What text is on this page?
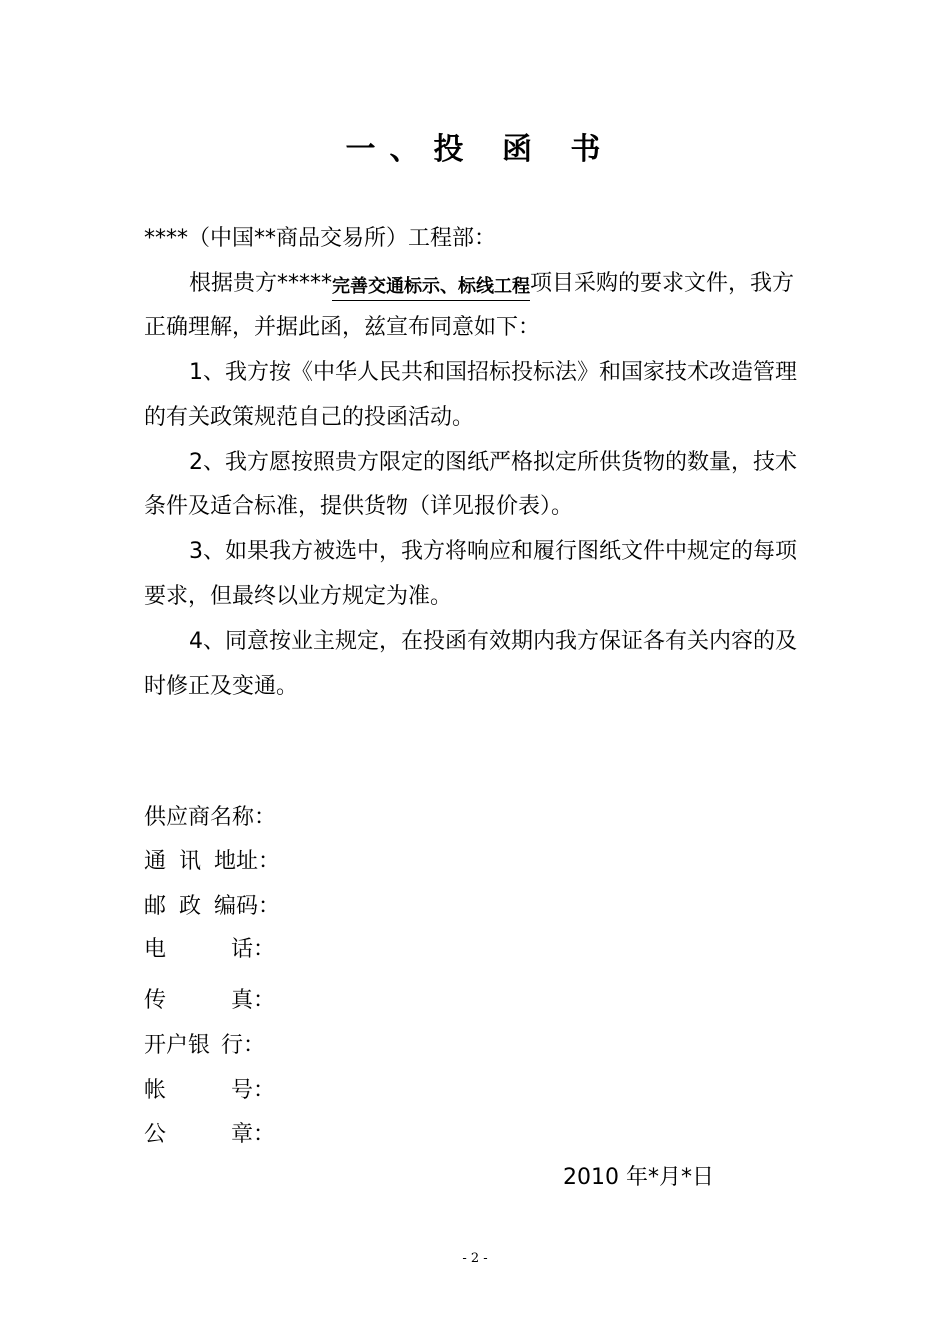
一、投 函 书
****（中国**商品交易所）工程部：
根据贵方*****完善交通标示、标线工程项目采购的要求文件，我方
正确理解，并据此函，兹宣布同意如下：
1、我方按《中华人民共和国招标投标法》和国家技术改造管理
的有关政策规范自己的投函活动。
2、我方愿按照贵方限定的图纸严格拟定所供货物的数量，技术
条件及适合标准，提供货物（详见报价表）。
3、如果我方被选中，我方将响应和履行图纸文件中规定的每项
要求，但最终以业方规定为准。
4、同意按业主规定，在投函有效期内我方保证各有关内容的及
时修正及变通。
供应商名称：
通 讯 地址：
邮 政 编码：
电 话：
传 真：
开户银 行：
帐 号：
公 章：
2010 年*月*日
- 2 -
